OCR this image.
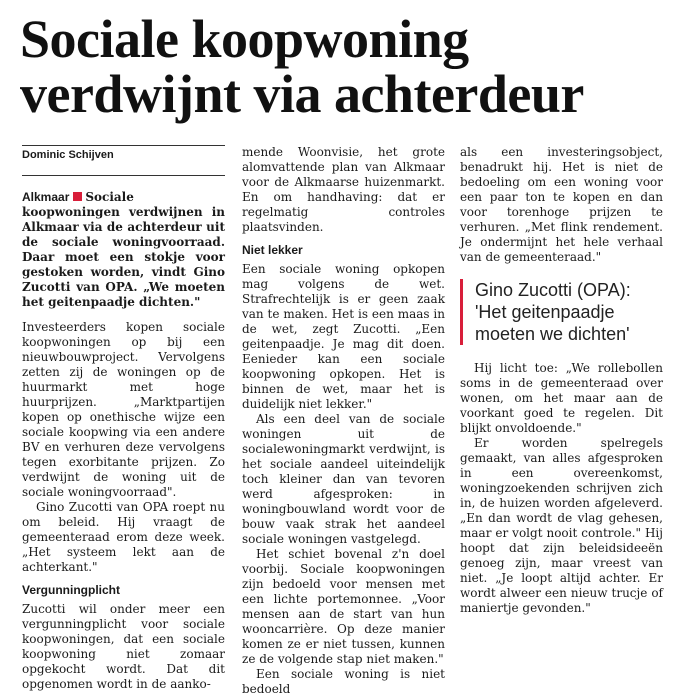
Sociale koopwoning
verdwijnt via achterdeur
Dominic Schijven

Alkmaar Sociale koopwoningen verdwijnen in Alkmaar via de achterdeur uit de sociale woningvoorraad. Daar moet een stokje voor gestoken worden, vindt Gino Zucotti van OPA. „We moeten het geitenpaadje dichten."

Investeerders kopen sociale koopwoningen op bij een nieuwbouwproject. Vervolgens zetten zij de woningen op de huurmarkt met hoge huurprijzen. „Marktpartijen kopen op onethische wijze een sociale koopwing via een andere BV en verhuren deze vervolgens tegen exorbitante prijzen. Zo verdwijnt de woning uit de sociale woningvoorraad".

Gino Zucotti van OPA roept nu om beleid. Hij vraagt de gemeenteraad erom deze week. „Het systeem lekt aan de achterkant."

Vergunningplicht

Zucotti wil onder meer een vergunningplicht voor sociale koopwoningen, dat een sociale koopwoning niet zomaar opgekocht wordt. Dat dit opgenomen wordt in de aanko-

mende Woonvisie, het grote alomvattende plan van Alkmaar voor de Alkmaarse huizenmarkt. En om handhaving: dat er regelmatig controles plaatsvinden.

Niet lekker

Een sociale woning opkopen mag volgens de wet. Strafrechtelijk is er geen zaak van te maken. Het is een maas in de wet, zegt Zucotti. „Een geitenpaadje. Je mag dit doen. Eenieder kan een sociale koopwoning opkopen. Het is binnen de wet, maar het is duidelijk niet lekker."

Als een deel van de sociale woningen uit de socialewoningmarkt verdwijnt, is het sociale aandeel uiteindelijk toch kleiner dan van tevoren werd afgesproken: in woningbouwland wordt voor de bouw vaak strak het aandeel sociale woningen vastgelegd.

Het schiet bovenal z'n doel voorbij. Sociale koopwoningen zijn bedoeld voor mensen met een lichte portemonnee. „Voor mensen aan de start van hun wooncarrière. Op deze manier komen ze er niet tussen, kunnen ze de volgende stap niet maken."

Een sociale woning is niet bedoeld

als een investeringsobject, benadrukt hij. Het is niet de bedoeling om een woning voor een paar ton te kopen en dan voor torenhoge prijzen te verhuren. „Met flink rendement. Je ondermijnt het hele verhaal van de gemeenteraad."

Gino Zucotti (OPA):
'Het geitenpaadje
moeten we dichten'

Hij licht toe: „We rollebollen soms in de gemeenteraad over wonen, om het maar aan de voorkant goed te regelen. Dit blijkt onvoldoende."

Er worden spelregels gemaakt, van alles afgesproken in een overeenkomst, woningzoekenden schrijven zich in, de huizen worden afgeleverd. „En dan wordt de vlag gehesen, maar er volgt nooit controle." Hij hoopt dat zijn beleidsideeën genoeg zijn, maar vreest van niet. „Je loopt altijd achter. Er wordt alweer een nieuw trucje of maniertje gevonden."
